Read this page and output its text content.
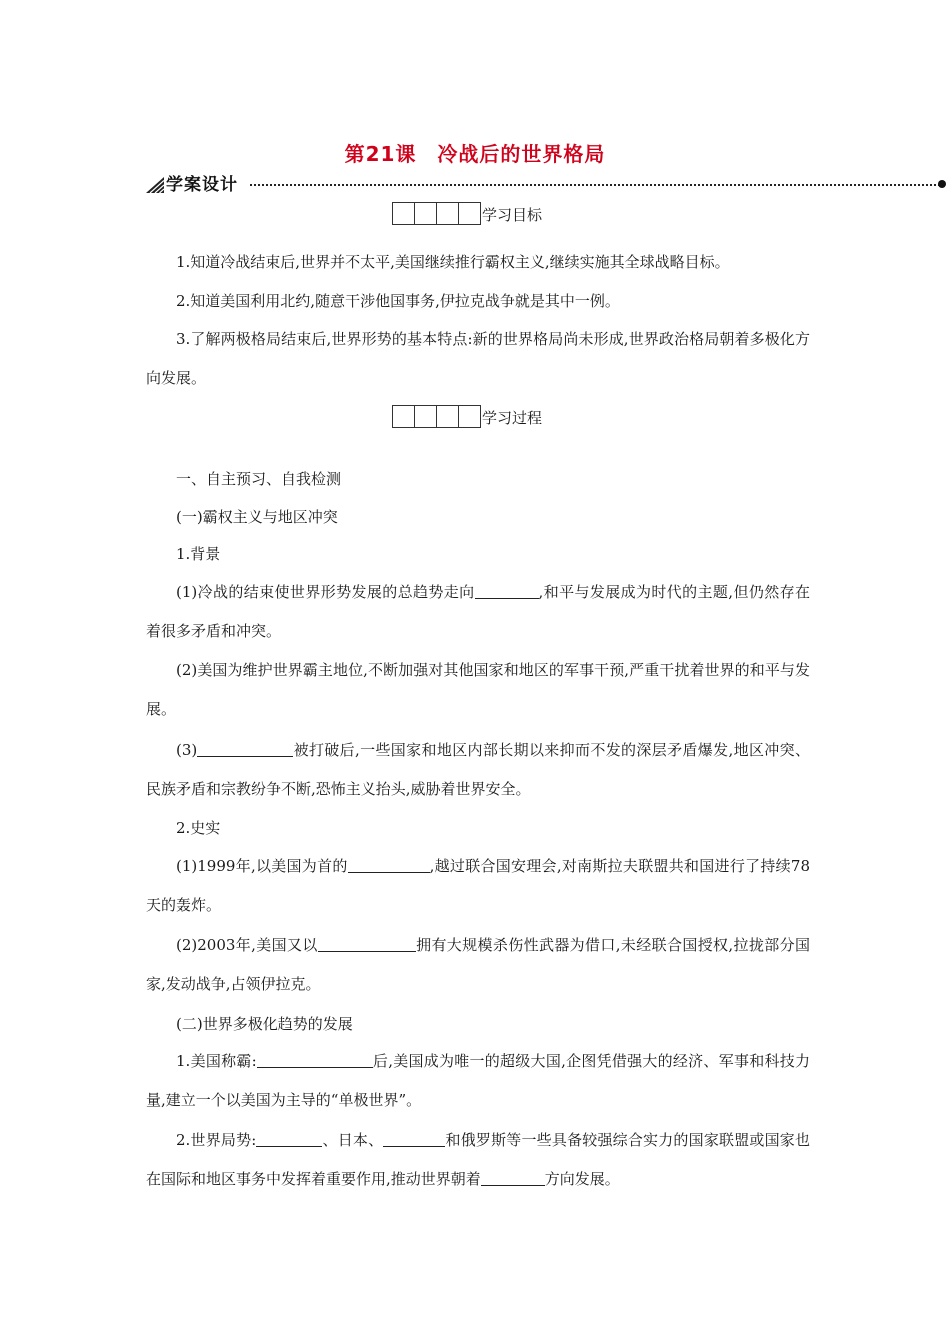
第21课　冷战后的世界格局
学案设计
学习目标

1.知道冷战结束后,世界并不太平,美国继续推行霸权主义,继续实施其全球战略目标。

2.知道美国利用北约,随意干涉他国事务,伊拉克战争就是其中一例。

3.了解两极格局结束后,世界形势的基本特点:新的世界格局尚未形成,世界政治格局朝着多极化方向发展。

学习过程

一、自主预习、自我检测

(一)霸权主义与地区冲突

1.背景

(1)冷战的结束使世界形势发展的总趋势走向	,和平与发展成为时代的主题,但仍然存在着很多矛盾和冲突。

(2)美国为维护世界霸主地位,不断加强对其他国家和地区的军事干预,严重干扰着世界的和平与发展。

(3)	被打破后,一些国家和地区内部长期以来抑而不发的深层矛盾爆发,地区冲突、民族矛盾和宗教纷争不断,恐怖主义抬头,威胁着世界安全。

2.史实

(1)1999年,以美国为首的	,越过联合国安理会,对南斯拉夫联盟共和国进行了持续78天的轰炸。

(2)2003年,美国又以	拥有大规模杀伤性武器为借口,未经联合国授权,拉拢部分国家,发动战争,占领伊拉克。

(二)世界多极化趋势的发展

1.美国称霸:	后,美国成为唯一的超级大国,企图凭借强大的经济、军事和科技力量,建立一个以美国为主导的“单极世界”。

2.世界局势:	、日本、	和俄罗斯等一些具备较强综合实力的国家联盟或国家也在国际和地区事务中发挥着重要作用,推动世界朝着	方向发展。
